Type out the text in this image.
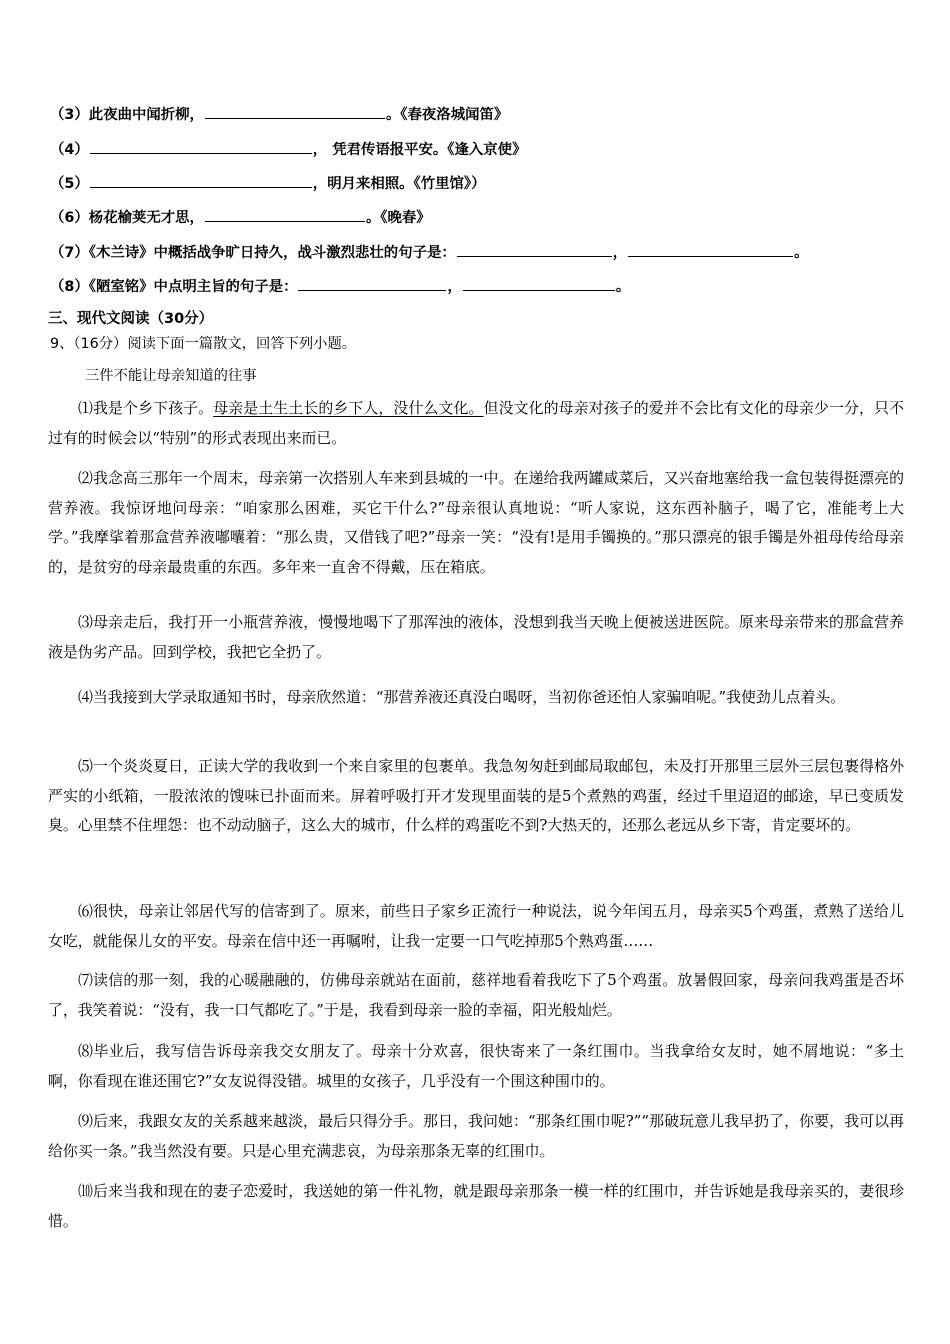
（3）此夜曲中闻折柳，	。《春夜洛城闻笛》
（4）	， 凭君传语报平安。《逢入京使》
（5）	，明月来相照。《竹里馆》）
（6）杨花榆荚无才思，	。《晚春》
（7）《木兰诗》中概括战争旷日持久，战斗激烈悲壮的句子是：	，	。
（8）《陋室铭》中点明主旨的句子是：	，	。
三、现代文阅读（30分）
9、（16分）阅读下面一篇散文，回答下列小题。
三件不能让母亲知道的往事
⑴我是个乡下孩子。母亲是土生土长的乡下人，没什么文化。但没文化的母亲对孩子的爱并不会比有文化的母亲少一分，只不过有的时候会以“特别”的形式表现出来而已。
⑵我念高三那年一个周末，母亲第一次搭别人车来到县城的一中。在递给我两罐咸菜后，又兴奋地塞给我一盒包装得挺漂亮的营养液。我惊讶地问母亲：“咱家那么困难，买它干什么?”母亲很认真地说：“听人家说，这东西补脑子，喝了它，准能考上大学。”我摩挲着那盒营养液嘟囔着：“那么贵，又借钱了吧?”母亲一笑：“没有!是用手镯换的。”那只漂亮的银手镯是外祖母传给母亲的，是贫穷的母亲最贵重的东西。多年来一直舍不得戴，压在箱底。
⑶母亲走后，我打开一小瓶营养液，慢慢地喝下了那浑浊的液体，没想到我当天晚上便被送进医院。原来母亲带来的那盒营养液是伪劣产品。回到学校，我把它全扔了。
⑷当我接到大学录取通知书时，母亲欣然道：“那营养液还真没白喝呀，当初你爸还怕人家骗咱呢。”我使劲儿点着头。
⑸一个炎炎夏日，正读大学的我收到一个来自家里的包裹单。我急匆匆赶到邮局取邮包，未及打开那里三层外三层包裹得格外严实的小纸箱，一股浓浓的馊味已扑面而来。屏着呼吸打开才发现里面装的是5个煮熟的鸡蛋，经过千里迢迢的邮途，早已变质发臭。心里禁不住埋怨：也不动动脑子，这么大的城市，什么样的鸡蛋吃不到?大热天的，还那么老远从乡下寄，肯定要坏的。
⑹很快，母亲让邻居代写的信寄到了。原来，前些日子家乡正流行一种说法，说今年闰五月，母亲买5个鸡蛋，煮熟了送给儿女吃，就能保儿女的平安。母亲在信中还一再嘱咐，让我一定要一口气吃掉那5个熟鸡蛋……
⑺读信的那一刻，我的心暖融融的，仿佛母亲就站在面前，慈祥地看着我吃下了5个鸡蛋。放暑假回家，母亲问我鸡蛋是否坏了，我笑着说：“没有，我一口气都吃了。”于是，我看到母亲一脸的幸福，阳光般灿烂。
⑻毕业后，我写信告诉母亲我交女朋友了。母亲十分欢喜，很快寄来了一条红围巾。当我拿给女友时，她不屑地说：“多土啊，你看现在谁还围它?”女友说得没错。城里的女孩子，几乎没有一个围这种围巾的。
⑼后来，我跟女友的关系越来越淡，最后只得分手。那日，我问她：“那条红围巾呢?”“那破玩意儿我早扔了，你要，我可以再给你买一条。”我当然没有要。只是心里充满悲哀，为母亲那条无辜的红围巾。
⑽后来当我和现在的妻子恋爱时，我送她的第一件礼物，就是跟母亲那条一模一样的红围巾，并告诉她是我母亲买的，妻很珍惜。
